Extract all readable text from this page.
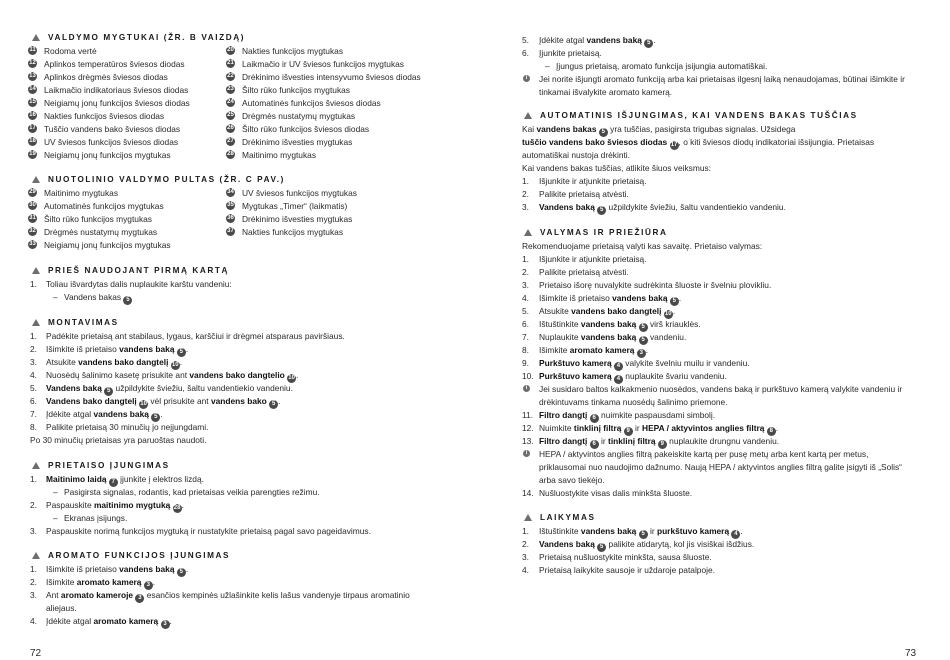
VALDYMO MYGTUKAI (ŽR. B VAIZDĄ)
11 Rodoma vertė
12 Aplinkos temperatūros šviesos diodas
13 Aplinkos drėgmės šviesos diodas
14 Laikmačio indikatoriaus šviesos diodas
15 Neigiamų jonų funkcijos šviesos diodas
16 Nakties funkcijos šviesos diodas
17 Tuščio vandens bako šviesos diodas
18 UV šviesos funkcijos šviesos diodas
19 Neigiamų jonų funkcijos mygtukas
20 Nakties funkcijos mygtukas
21 Laikmačio ir UV šviesos funkcijos mygtukas
22 Drėkinimo išvesties intensyvumo šviesos diodas
23 Šilto rūko funkcijos mygtukas
24 Automatinės funkcijos šviesos diodas
25 Drėgmės nustatymų mygtukas
26 Šilto rūko funkcijos šviesos diodas
27 Drėkinimo išvesties mygtukas
28 Maitinimo mygtukas
NUOTOLINIO VALDYMO PULTAS (ŽR. C PAV.)
29 Maitinimo mygtukas
30 Automatinės funkcijos mygtukas
31 Šilto rūko funkcijos mygtukas
32 Drėgmės nustatymų mygtukas
33 Neigiamų jonų funkcijos mygtukas
34 UV šviesos funkcijos mygtukas
35 Mygtukas „Timer“ (laikmatis)
36 Drėkinimo išvesties mygtukas
37 Nakties funkcijos mygtukas
PRIEŠ NAUDOJANT PIRMĄ KARTĄ
1. Toliau išvardytas dalis nuplaukite karštu vandeniu:
– Vandens bakas 5
MONTAVIMAS
1. Padėkite prietaisą ant stabilaus, lygaus, karščiui ir drėgmei atsparaus paviršiaus.
2. Išimkite iš prietaiso vandens baką 5 .
3. Atsukite vandens bako dangtelį 10.
4. Nuosėdų šalinimo kasetę prisukite ant vandens bako dangtelio 10.
5. Vandens baką 5 užpildykite šviežiu, šaltu vandentiekio vandeniu.
6. Vandens bako dangtelį 10 vėl prisukite ant vandens bako 5 .
7. Įdėkite atgal vandens baką 5 .
8. Palikite prietaisą 30 minučių jo neįjungdami.
Po 30 minučių prietaisas yra paruoštas naudoti.
PRIETAISO ĮJUNGIMAS
1. Maitinimo laidą 7 įjunkite į elektros lizdą.
– Pasigirsta signalas, rodantis, kad prietaisas veikia parengties režimu.
2. Paspauskite maitinimo mygtuką 28.
– Ekranas įsijungs.
3. Paspauskite norimą funkcijos mygtuką ir nustatykite prietaisą pagal savo pageidavimus.
AROMATO FUNKCIJOS ĮJUNGIMAS
1. Išimkite iš prietaiso vandens baką 5 .
2. Išimkite aromato kamerą 3 .
3. Ant aromato kameroje 3 esančios kempinės užlašinkite kelis lašus vandenyje tirpaus aromatinio
aliejaus.
4. Įdėkite atgal aromato kamerą 3 .
72
5. Įdėkite atgal vandens baką 5 .
6. Įjunkite prietaisą.
– Įjungus prietaisą, aromato funkcija įsijungia automatiškai.
i	Jei norite išjungti aromato funkciją arba kai prietaisas ilgesnį laiką nenaudojamas, būtinai išimkite ir
tinkamai išvalykite aromato kamerą.
AUTOMATINIS IŠJUNGIMAS, KAI VANDENS BAKAS TUŠČIAS
Kai vandens bakas 5 yra tuščias, pasigirsta trigubas signalas. Užsidega
tuščio vandens bako šviesos diodas 17, o kiti šviesos diodų indikatoriai išsijungia. Prietaisas
automatiškai nustoja drėkinti.
Kai vandens bakas tuščias, atlikite šiuos veiksmus:
1. Išjunkite ir atjunkite prietaisą.
2. Palikite prietaisą atvėsti.
3. Vandens baką 5 užpildykite šviežiu, šaltu vandentiekio vandeniu.
VALYMAS IR PRIEŽIŪRA
Rekomenduojame prietaisą valyti kas savaitę. Prietaiso valymas:
1. Išjunkite ir atjunkite prietaisą.
2. Palikite prietaisą atvėsti.
3. Prietaiso išorę nuvalykite sudrėkinta šluoste ir švelniu plovikliu.
4. Išimkite iš prietaiso vandens baką 5 .
5. Atsukite vandens bako dangtelį 10.
6. Ištuštinkite vandens baką 5 virš kriauklės.
7. Nuplaukite vandens baką 5 vandeniu.
8. Išimkite aromato kamerą 3 .
9. Purkštuvo kamerą 4 valykite švelniu muilu ir vandeniu.
10. Purkštuvo kamerą 4 nuplaukite švariu vandeniu.
i	Jei susidaro baltos kalkakmenio nuosėdos, vandens baką ir purkštuvo kamerą valykite vandeniu ir
drėkintuvams tinkama nuosėdų šalinimo priemone.
11. Filtro dangtį 6 nuimkite paspausdami simbolį.
12. Nuimkite tinklinį filtrą 9 ir HEPA / aktyvintos anglies filtrą 8 .
13. Filtro dangtį 6 ir tinklinį filtrą 9 nuplaukite drungnu vandeniu.
i	HEPA / aktyvintos anglies filtrą pakeiskite kartą per pusę metų arba kent kartą per metus,
priklausomai nuo naudojimo dažnumo. Naują HEPA / aktyvintos anglies filtrą galite įsigyti iš „Solis“
arba savo tiekėjo.
14. Nušluostykite visas dalis minkšta šluoste.
LAIKYMAS
1. Ištuštinkite vandens baką 5 ir purkštuvo kamerą 4 .
2. Vandens baką 5 palikite atidarytą, kol jis visiškai išdžius.
3. Prietaisą nušluostykite minkšta, sausa šluoste.
4. Prietaisą laikykite sausoje ir uždaroje patalpoje.
73
